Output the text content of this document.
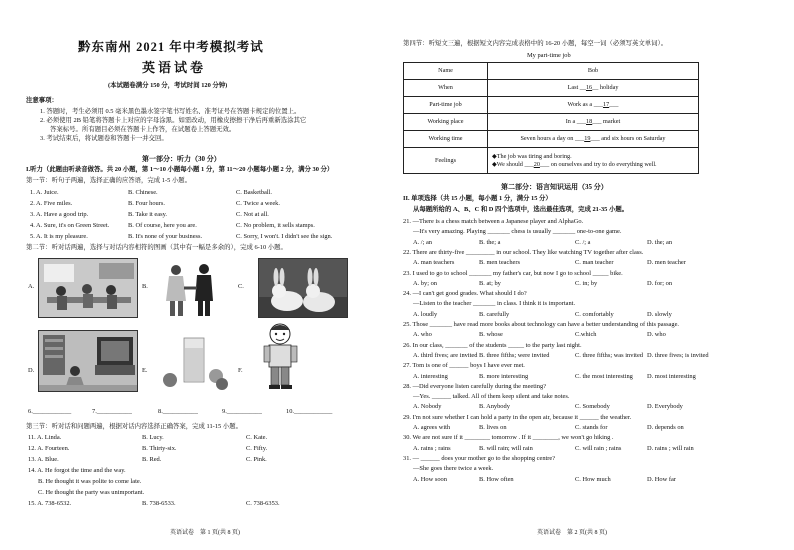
黔东南州 2021 年中考模拟考试
英语试卷
(本试题卷满分 150 分，考试时间 120 分钟)
注意事项：
1. 答题时，考生必须用 0.5 毫米黑色墨水签字笔书写姓名、准考证号在答题卡规定的位置上。
2. 必须使用 2B 铅笔将答题卡上对应的字母涂黑。如需改动，用橡皮擦擦干净后再重新选涂其它
答案标号。所有题目必须在答题卡上作答，在试题卷上答题无效。
3. 考试结束后，将试题卷和答题卡一并交回。
第一部分：听力（30 分）
I.听力（此题由听录音做答。共 20 小题，第 1～10 小题每小题 1 分，第 11～20 小题每小题 2 分，满分 30 分）
第一节：听句子两遍，选择正确的应答语，完成 1-5 小题。
1. A. Juice.	B. Chinese.	C. Basketball.
2. A. Five miles.	B. Four hours.	C. Twice a week.
3. A. Have a good trip.	B. Take it easy.	C. Not at all.
4. A. Sure, it's on Green Street.	B. Of course, here you are.	C. No problem, it sells stamps.
5. A. It is my pleasure.	B. It's none of your business.	C. Sorry, I won't. I didn't see the sign.
第二节：听对话两遍，选择与对话内容相符的图画（其中有一幅是多余的），完成 6-10 小题。
A.	B.	C.
D.	E.	F.
6.____________	7.___________	8.___________	9.___________	10.____________
第三节：听对话和问题两遍，根据对话内容选择正确答案，完成 11-15 小题。
11. A. Linda.	B. Lucy.	C. Kate.
12. A. Fourteen.	B. Thirty-six.	C. Fifty.
13. A. Blue.	B. Red.	C. Pink.
14. A. He forgot the time and the way.
B. He thought it was polite to come late.
C. He thought the party was unimportant.
15. A. 738-6532.	B. 738-6533.	C. 738-6353.
英语试卷　第 1 页(共 8 页)
第四节：听短文三遍，根据短文内容完成表格中的 16-20 小题，每空一词（必须写英文单词）。
My part-time job
Name	Bob
When	Last __16__ holiday
Part-time job	Work as a ___17___
Working place	In a ___18___ market
Working time	Seven hours a day on ___19___ and six hours on Saturday
Feelings	◆The job was tiring and boring.
◆We should ___20___ on ourselves and try to do everything well.
第二部分：语言知识运用（35 分）
II. 单项选择（共 15 小题，每小题 1 分，满分 15 分）
从每题所给的 A、B、C 和 D 四个选项中，选出最佳选项，完成 21-35 小题。
21. —There is a chess match between a Japanese player and AlphaGo.
—It's very amazing. Playing _______ chess is usually _______ one-to-one game.
A. /; an	B. the; a	C. /; a	D. the; an
22. There are thirty-five _________ in our school. They like watching TV together after class.
A. man teachers	B. men teachers	C. man teacher	D. men teacher
23. I used to go to school _______ my father's car, but now I go to school _____ bike.
A. by; on	B. at; by	C. in; by	D. for; on
24. —I can't get good grades. What should I do?
—Listen to the teacher _______ in class. I think it is important.
A. loudly	B. carefully	C. comfortably	D. slowly
25. Those _______ have read more books about technology can have a better understanding of this passage.
A. who	B. whose	C.which	D. who
26. In our class, _______ of the students _____ to the party last night.
A. third fives; are invited B. three fifths; were invited	C. three fifths; was invited D. three fives; is invited
27. Tom is one of ______ boys I have ever met.
A. interesting	B. more interesting	C. the most interesting D. most interesting
28. —Did everyone listen carefully during the meeting?
—Yes. ______ talked. All of them keep silent and take notes.
A. Nobody	B. Anybody	C. Somebody	D. Everybody
29. I'm not sure whether I can hold a party in the open air, because it ______ the weather.
A. agrees with	B. lives on	C. stands for	D. depends on
30. We are not sure if it ________ tomorrow . If it ________, we won't go hiking .
A. rains ; rains	B. will rain; will rain	C. will rain ; rains	D. rains ; will rain
31. — ______ does your mother go to the shopping centre?
—She goes there twice a week.
A. How soon	B. How often	C. How much	D. How far
英语试卷　第 2 页(共 8 页)
